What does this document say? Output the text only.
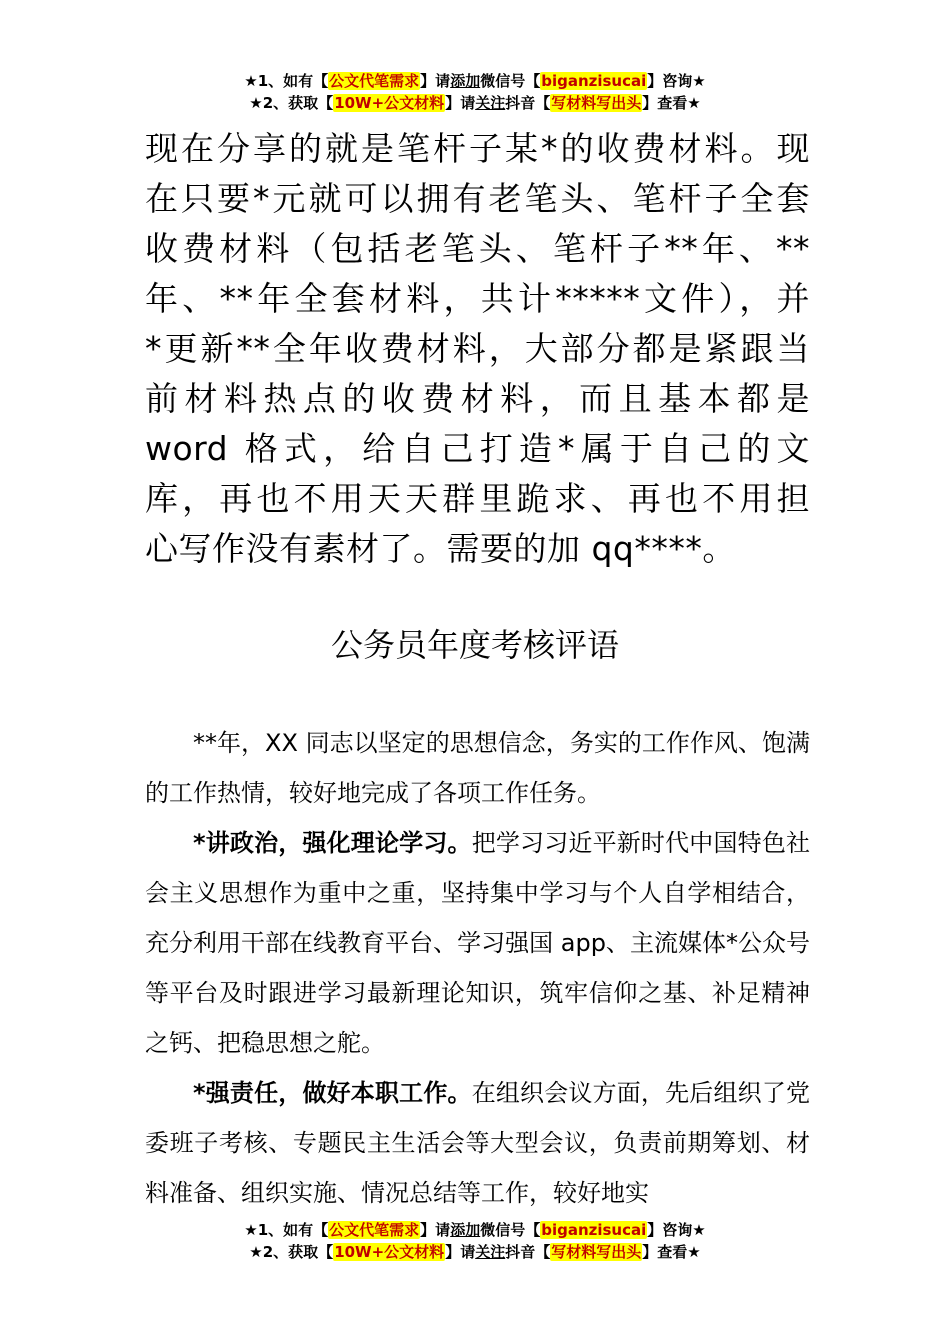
★1、如有【公文代笔需求】请添加微信号【biganzisucai】咨询★
★2、获取【10W+公文材料】请关注抖音【写材料写出头】查看★

现在分享的就是笔杆子某*的收费材料。现

在只要*元就可以拥有老笔头、笔杆子全套

收费材料（包括老笔头、笔杆子**年、**

年、**年全套材料，共计*****文件），并

*更新**全年收费材料，大部分都是紧跟当

前材料热点的收费材料，而且基本都是

word 格式，给自己打造*属于自己的文

库，再也不用天天群里跪求、再也不用担

心写作没有素材了。需要的加 qq****。

公务员年度考核评语

**年，XX 同志以坚定的思想信念，务实的工作作风、饱满的工作热情，较好地完成了各项工作任务。

*讲政治，强化理论学习。把学习习近平新时代中国特色社会主义思想作为重中之重，坚持集中学习与个人自学相结合，充分利用干部在线教育平台、学习强国 app、主流媒体*公众号等平台及时跟进学习最新理论知识，筑牢信仰之基、补足精神之钙、把稳思想之舵。

*强责任，做好本职工作。在组织会议方面，先后组织了党委班子考核、专题民主生活会等大型会议，负责前期筹划、材料准备、组织实施、情况总结等工作，较好地实

★1、如有【公文代笔需求】请添加微信号【biganzisucai】咨询★
★2、获取【10W+公文材料】请关注抖音【写材料写出头】查看★
